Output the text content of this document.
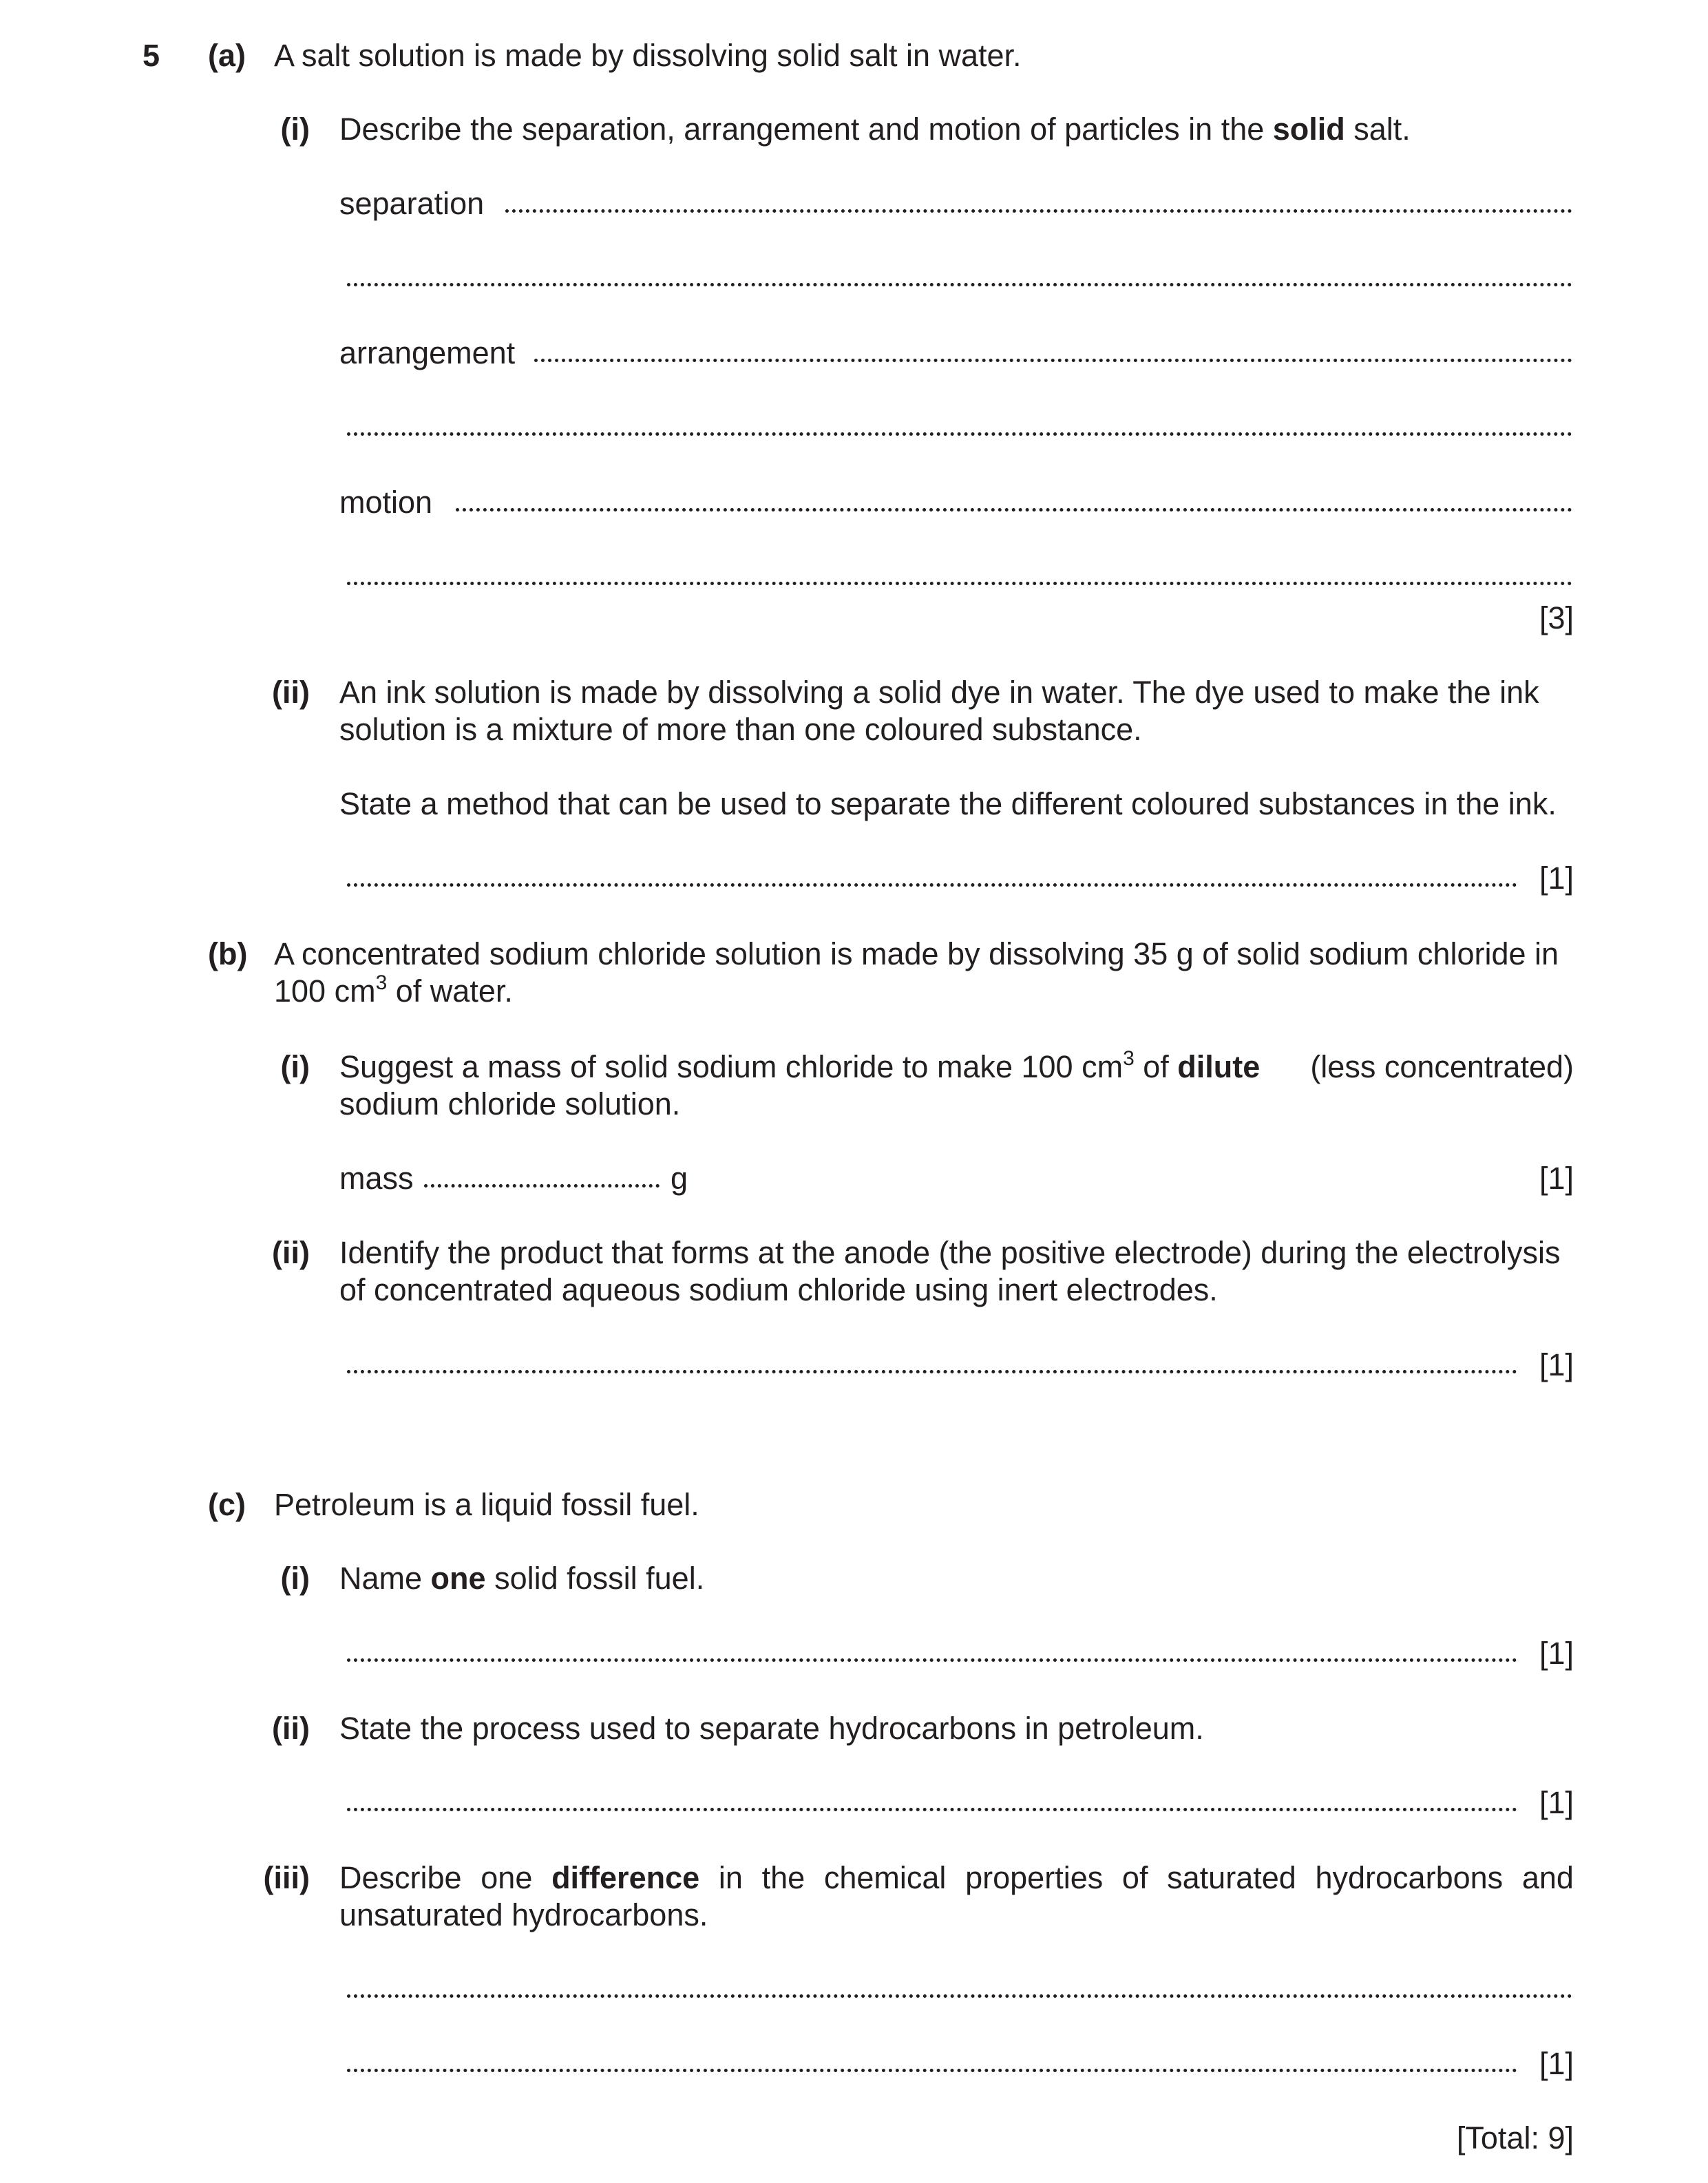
5 (a) A salt solution is made by dissolving solid salt in water.
(i) Describe the separation, arrangement and motion of particles in the solid salt.
separation
arrangement
motion
[3]
(ii) An ink solution is made by dissolving a solid dye in water. The dye used to make the ink
solution is a mixture of more than one coloured substance.
State a method that can be used to separate the different coloured substances in the ink.
[1]
(b) A concentrated sodium chloride solution is made by dissolving 35 g of solid sodium chloride in
100 $cm^3$ of water.
(i) Suggest a mass of solid sodium chloride to make 100 $cm^3$ of dilute (less concentrated)
sodium chloride solution.
mass	g	[1]
(ii) Identify the product that forms at the anode (the positive electrode) during the electrolysis
of concentrated aqueous sodium chloride using inert electrodes.
[1]
(c) Petroleum is a liquid fossil fuel.
(i) Name one solid fossil fuel.
[1]
(ii) State the process used to separate hydrocarbons in petroleum.
[1]
(iii) Describe one difference in the chemical properties of saturated hydrocarbons and
unsaturated hydrocarbons.
[1]
[Total: 9]
